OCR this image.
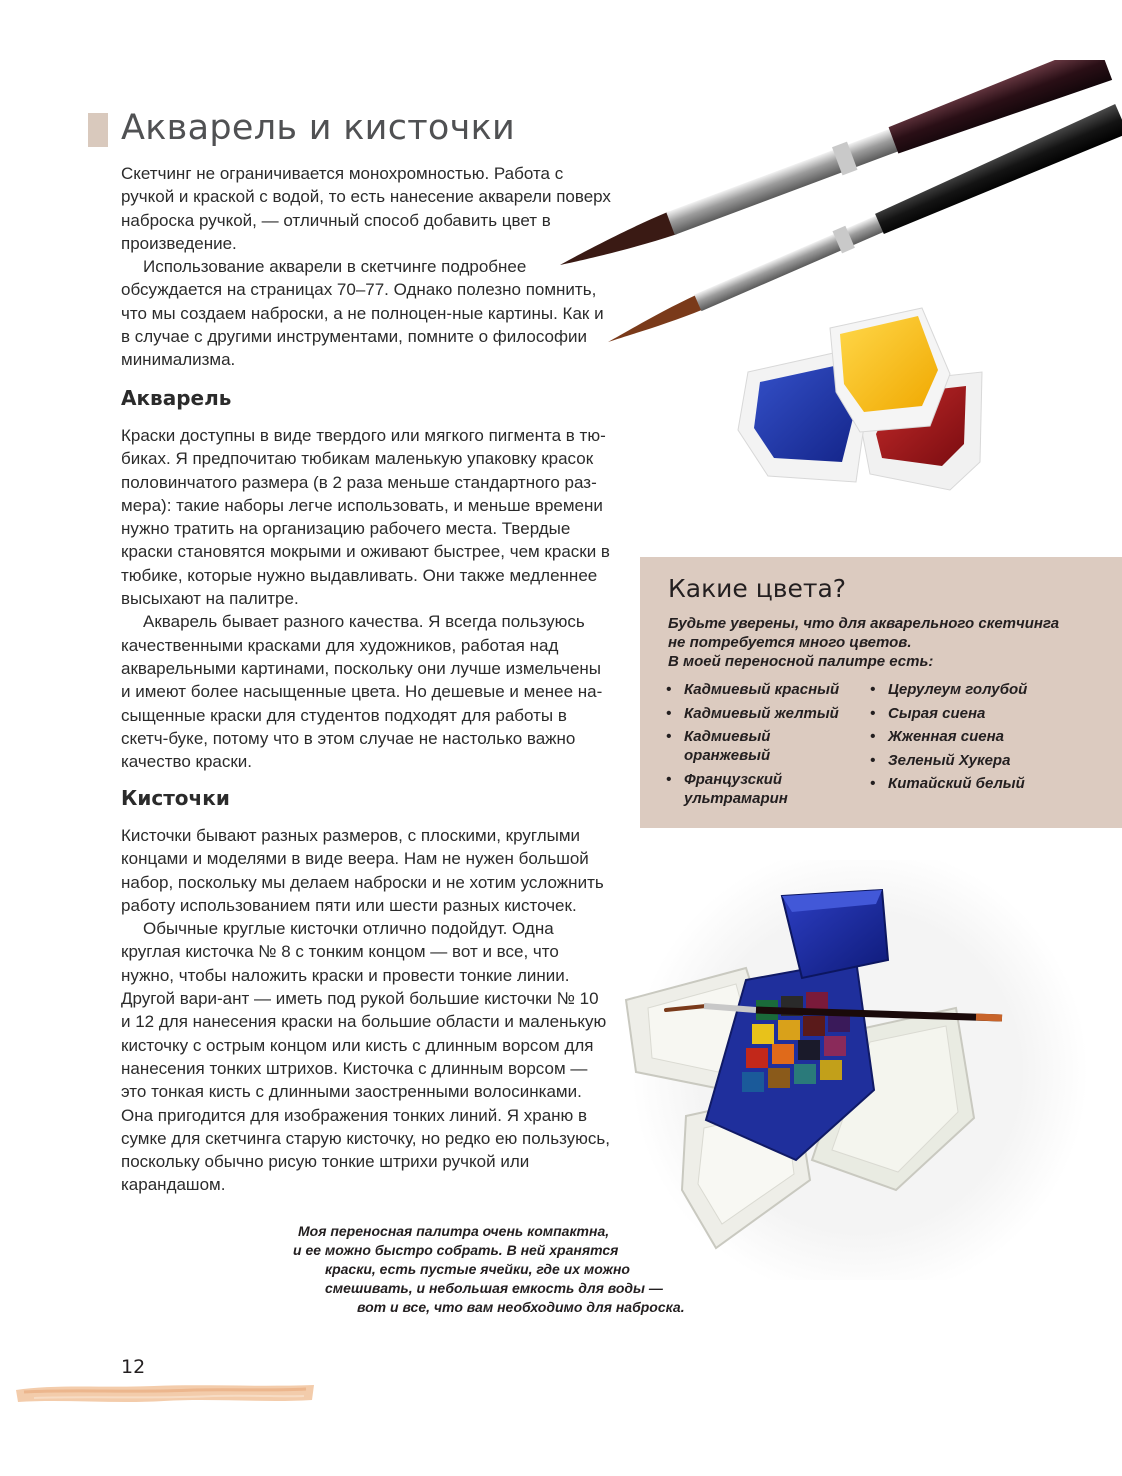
Акварель и кисточки

Скетчинг не ограничивается монохромностью. Работа с ручкой и краской с водой, то есть нанесение акварели поверх наброска ручкой, — отличный способ добавить цвет в произведение.

Использование акварели в скетчинге подробнее обсуждается на страницах 70–77. Однако полезно помнить, что мы создаем наброски, а не полноцен-ные картины. Как и в случае с другими инструментами, помните о философии минимализма.

Акварель

Краски доступны в виде твердого или мягкого пигмента в тю-биках. Я предпочитаю тюбикам маленькую упаковку красок половинчатого размера (в 2 раза меньше стандартного раз-мера): такие наборы легче использовать, и меньше времени нужно тратить на организацию рабочего места. Твердые краски становятся мокрыми и оживают быстрее, чем краски в тюбике, которые нужно выдавливать. Они также медленнее высыхают на палитре.

Акварель бывает разного качества. Я всегда пользуюсь качественными красками для художников, работая над акварельными картинами, поскольку они лучше измельчены и имеют более насыщенные цвета. Но дешевые и менее на-сыщенные краски для студентов подходят для работы в скетч-буке, потому что в этом случае не настолько важно качество краски.

Кисточки

Кисточки бывают разных размеров, с плоскими, круглыми концами и моделями в виде веера. Нам не нужен большой набор, поскольку мы делаем наброски и не хотим усложнить работу использованием пяти или шести разных кисточек.

Обычные круглые кисточки отлично подойдут. Одна круглая кисточка № 8 с тонким концом — вот и все, что нужно, чтобы наложить краски и провести тонкие линии. Другой вари-ант — иметь под рукой большие кисточки № 10 и 12 для нанесения краски на большие области и маленькую кисточку с острым концом или кисть с длинным ворсом для нанесения тонких штрихов. Кисточка с длинным ворсом — это тонкая кисть с длинными заостренными волосинками. Она пригодится для изображения тонких линий. Я храню в сумке для скетчинга старую кисточку, но редко ею пользуюсь, поскольку обычно рисую тонкие штрихи ручкой или карандашом.

Какие цвета?
Будьте уверены, что для акварельного скетчинга
не потребуется много цветов.
В моей переносной палитре есть:
• Кадмиевый красный
• Кадмиевый желтый
• Кадмиевый оранжевый
• Французский ультрамарин
• Церулеум голубой
• Сырая сиена
• Жженная сиена
• Зеленый Хукера
• Китайский белый
Моя переносная палитра очень компактна,
и ее можно быстро собрать. В ней хранятся
краски, есть пустые ячейки, где их можно
смешивать, и небольшая емкость для воды —
вот и все, что вам необходимо для наброска.
12
